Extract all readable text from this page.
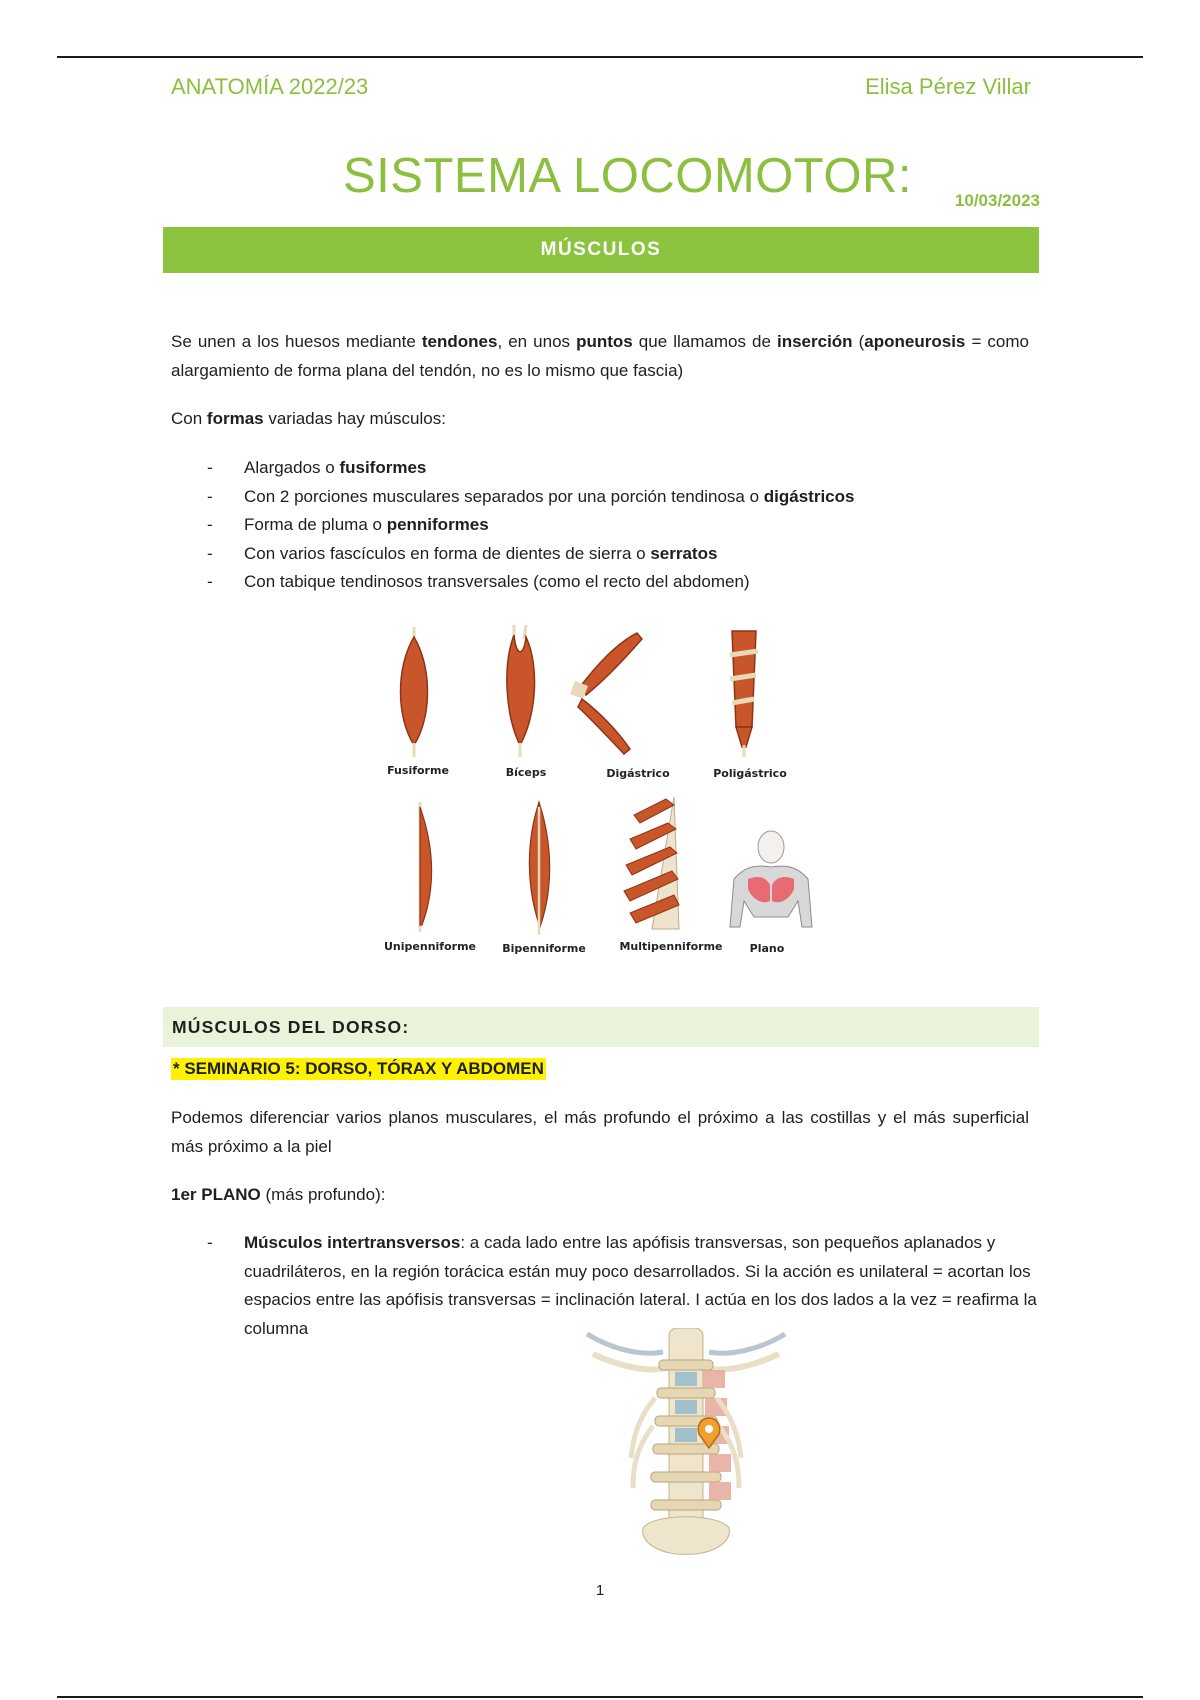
ANATOMÍA 2022/23	Elisa Pérez Villar
SISTEMA LOCOMOTOR:	10/03/2023
MÚSCULOS

Se unen a los huesos mediante tendones, en unos puntos que llamamos de inserción (aponeurosis = como alargamiento de forma plana del tendón, no es lo mismo que fascia)

Con formas variadas hay músculos:

- Alargados o fusiformes
- Con 2 porciones musculares separados por una porción tendinosa o digástricos
- Forma de pluma o penniformes
- Con varios fascículos en forma de dientes de sierra o serratos
- Con tabique tendinosos transversales (como el recto del abdomen)
Fusiforme	Bíceps	Digástrico	Poligástrico
Unipenniforme Bipenniforme	Multipenniforme Plano
MÚSCULOS DEL DORSO:
* SEMINARIO 5: DORSO, TÓRAX Y ABDOMEN

Podemos diferenciar varios planos musculares, el más profundo el próximo a las costillas y el más superficial más próximo a la piel

1er PLANO (más profundo):

- Músculos intertransversos: a cada lado entre las apófisis transversas, son pequeños aplanados y cuadriláteros, en la región torácica están muy poco desarrollados. Si la acción es unilateral = acortan los espacios entre las apófisis transversas = inclinación lateral. I actúa en los dos lados a la vez = reafirma la columna
1
